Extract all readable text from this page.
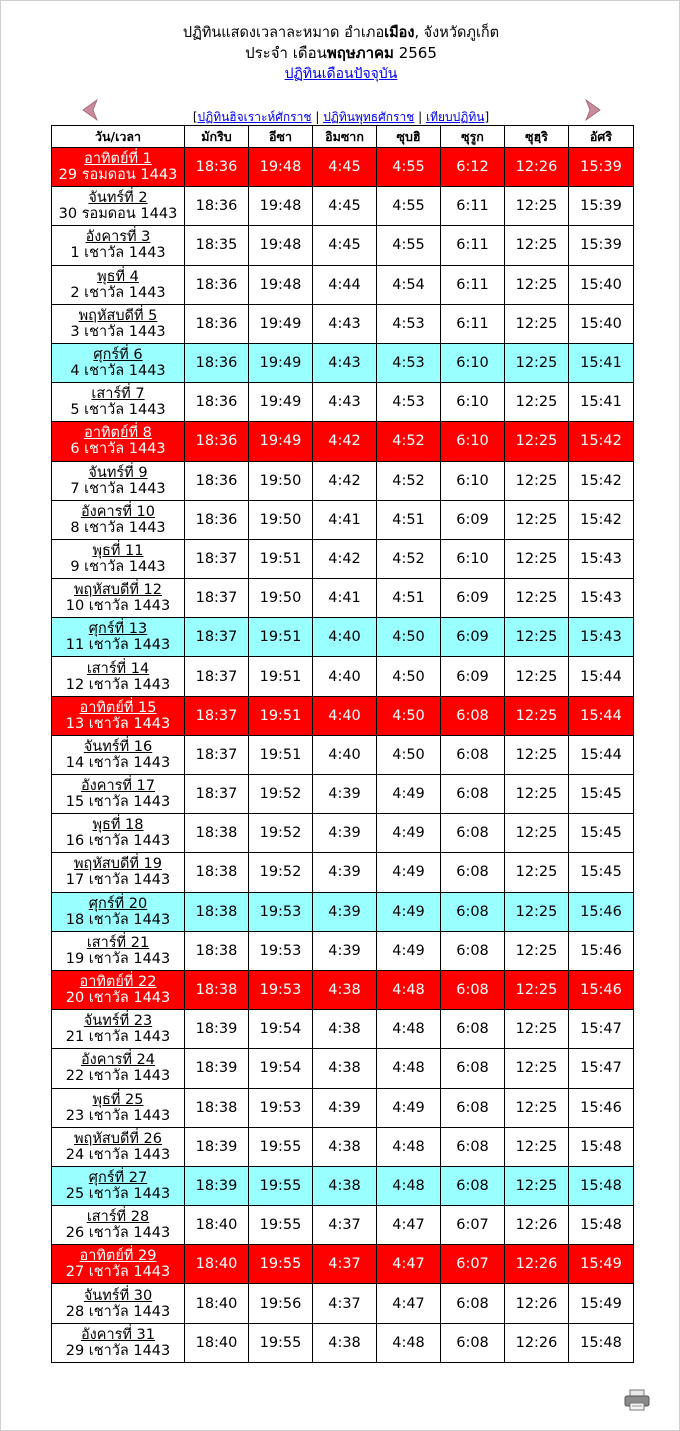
ปฏิทินแสดงเวลาละหมาด อำเภอเมือง, จังหวัดภูเก็ต
ประจำ เดือนพฤษภาคม 2565
ปฏิทินเดือนปัจจุบัน
[ปฏิทินฮิจเราะห์ศักราช | ปฏิทินพุทธศักราช | เทียบปฏิทิน]
วัน/เวลา	มักริบ	อีซา	อิมซาก	ซุบฮิ	ซุรูก	ซุฮฺริ	อัศริ

อาทิตย์ที่ 1
29 รอมดอน 1443	18:36	19:48	4:45	4:55	6:12	12:26	15:39

จันทร์ที่ 2
30 รอมดอน 1443	18:36	19:48	4:45	4:55	6:11	12:25	15:39

อังคารที่ 3
1 เชาวัล 1443	18:35	19:48	4:45	4:55	6:11	12:25	15:39

พุธที่ 4
2 เชาวัล 1443	18:36	19:48	4:44	4:54	6:11	12:25	15:40

พฤหัสบดีที่ 5
3 เชาวัล 1443	18:36	19:49	4:43	4:53	6:11	12:25	15:40

ศุกร์ที่ 6
4 เชาวัล 1443	18:36	19:49	4:43	4:53	6:10	12:25	15:41

เสาร์ที่ 7
5 เชาวัล 1443	18:36	19:49	4:43	4:53	6:10	12:25	15:41

อาทิตย์ที่ 8
6 เชาวัล 1443	18:36	19:49	4:42	4:52	6:10	12:25	15:42

จันทร์ที่ 9
7 เชาวัล 1443	18:36	19:50	4:42	4:52	6:10	12:25	15:42

อังคารที่ 10
8 เชาวัล 1443	18:36	19:50	4:41	4:51	6:09	12:25	15:42

พุธที่ 11
9 เชาวัล 1443	18:37	19:51	4:42	4:52	6:10	12:25	15:43

พฤหัสบดีที่ 12
10 เชาวัล 1443	18:37	19:50	4:41	4:51	6:09	12:25	15:43

ศุกร์ที่ 13
11 เชาวัล 1443	18:37	19:51	4:40	4:50	6:09	12:25	15:43

เสาร์ที่ 14
12 เชาวัล 1443	18:37	19:51	4:40	4:50	6:09	12:25	15:44

อาทิตย์ที่ 15
13 เชาวัล 1443	18:37	19:51	4:40	4:50	6:08	12:25	15:44

จันทร์ที่ 16
14 เชาวัล 1443	18:37	19:51	4:40	4:50	6:08	12:25	15:44

อังคารที่ 17
15 เชาวัล 1443	18:37	19:52	4:39	4:49	6:08	12:25	15:45

พุธที่ 18
16 เชาวัล 1443	18:38	19:52	4:39	4:49	6:08	12:25	15:45

พฤหัสบดีที่ 19
17 เชาวัล 1443	18:38	19:52	4:39	4:49	6:08	12:25	15:45

ศุกร์ที่ 20
18 เชาวัล 1443	18:38	19:53	4:39	4:49	6:08	12:25	15:46

เสาร์ที่ 21
19 เชาวัล 1443	18:38	19:53	4:39	4:49	6:08	12:25	15:46

อาทิตย์ที่ 22
20 เชาวัล 1443	18:38	19:53	4:38	4:48	6:08	12:25	15:46

จันทร์ที่ 23
21 เชาวัล 1443	18:39	19:54	4:38	4:48	6:08	12:25	15:47

อังคารที่ 24
22 เชาวัล 1443	18:39	19:54	4:38	4:48	6:08	12:25	15:47

พุธที่ 25
23 เชาวัล 1443	18:38	19:53	4:39	4:49	6:08	12:25	15:46

พฤหัสบดีที่ 26
24 เชาวัล 1443	18:39	19:55	4:38	4:48	6:08	12:25	15:48

ศุกร์ที่ 27
25 เชาวัล 1443	18:39	19:55	4:38	4:48	6:08	12:25	15:48

เสาร์ที่ 28
26 เชาวัล 1443	18:40	19:55	4:37	4:47	6:07	12:26	15:48

อาทิตย์ที่ 29
27 เชาวัล 1443	18:40	19:55	4:37	4:47	6:07	12:26	15:49

จันทร์ที่ 30
28 เชาวัล 1443	18:40	19:56	4:37	4:47	6:08	12:26	15:49

อังคารที่ 31
29 เชาวัล 1443	18:40	19:55	4:38	4:48	6:08	12:26	15:48
